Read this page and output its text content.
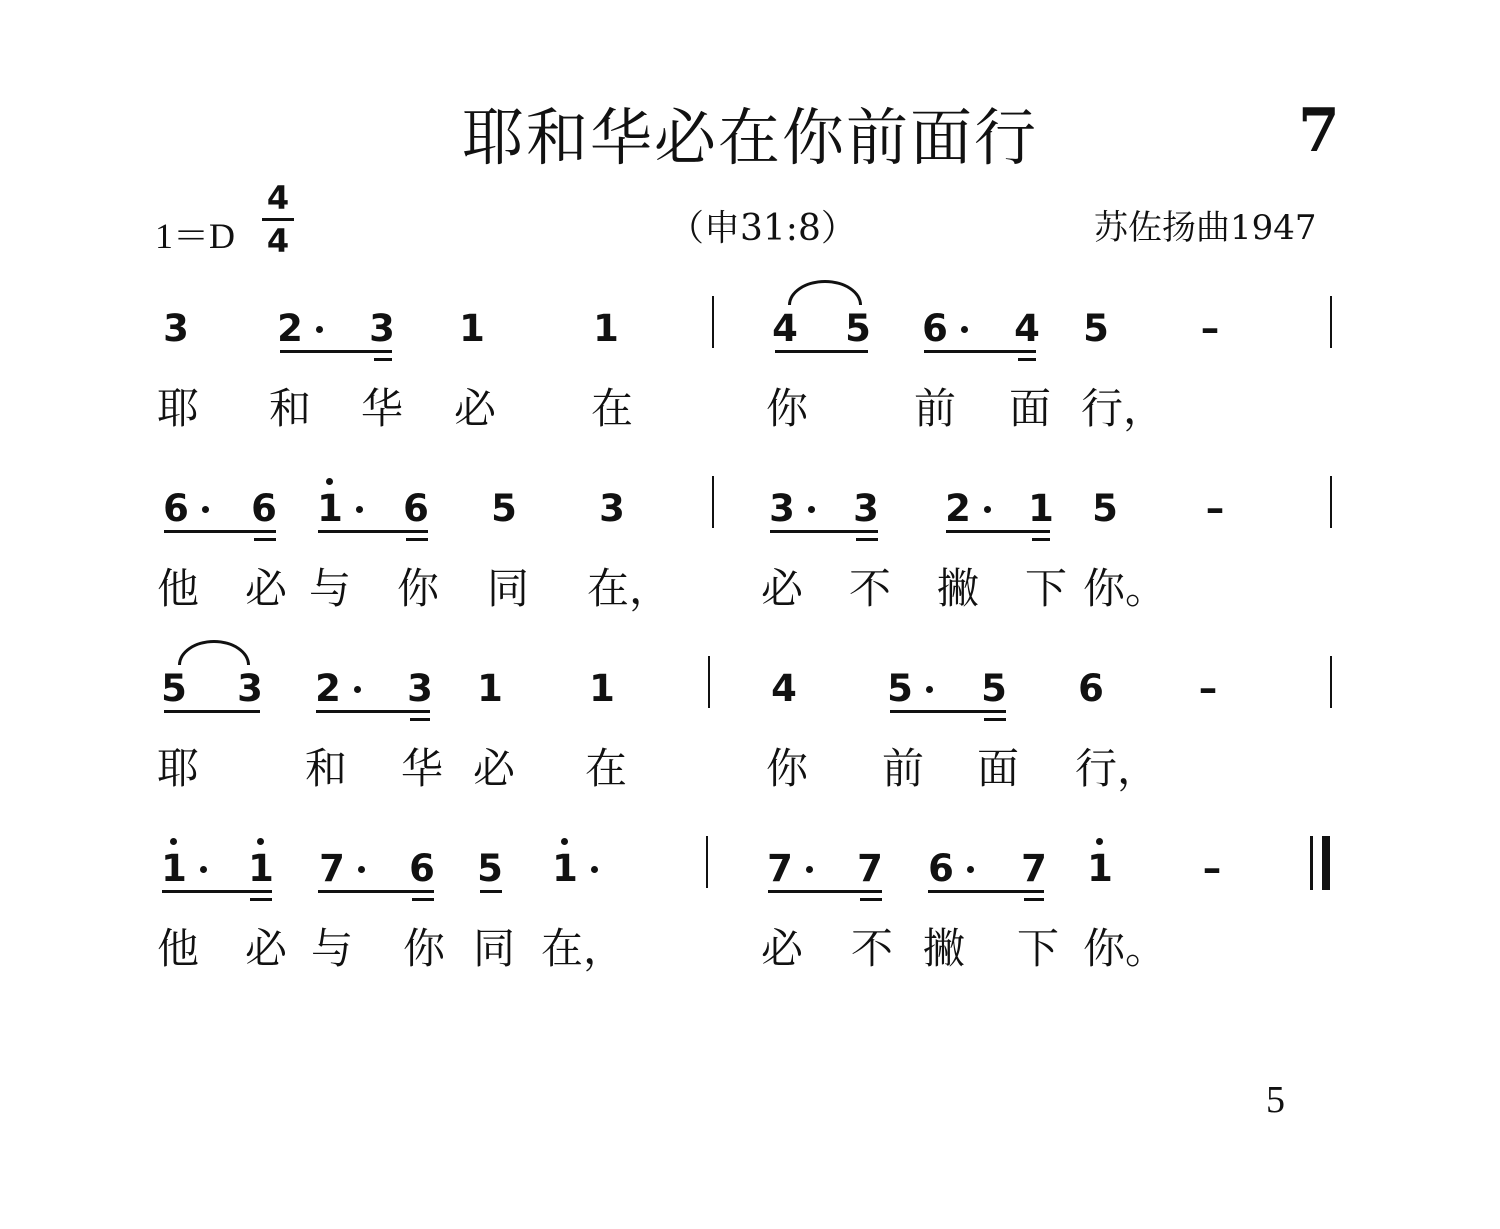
耶和华必在你前面行	7
1＝D
4
4	（申31:8）	苏佐扬曲1947
5
3 2 3 1	1	4 5 6 4 5 –
耶 和 华 必 在	你	前 面 行，
6 6 1 6 5 3	3 3 2 1 5 –
他 必 与 你 同 在， 必 不 撇 下 你。
5 3 2 3 1 1	4 5 5 6	–
耶	和 华 必 在	你 前 面 行，
1 1 7 6 5 1	7 7 6 7 1 –
他 必 与 你 同 在，	必 不 撇 下 你。
